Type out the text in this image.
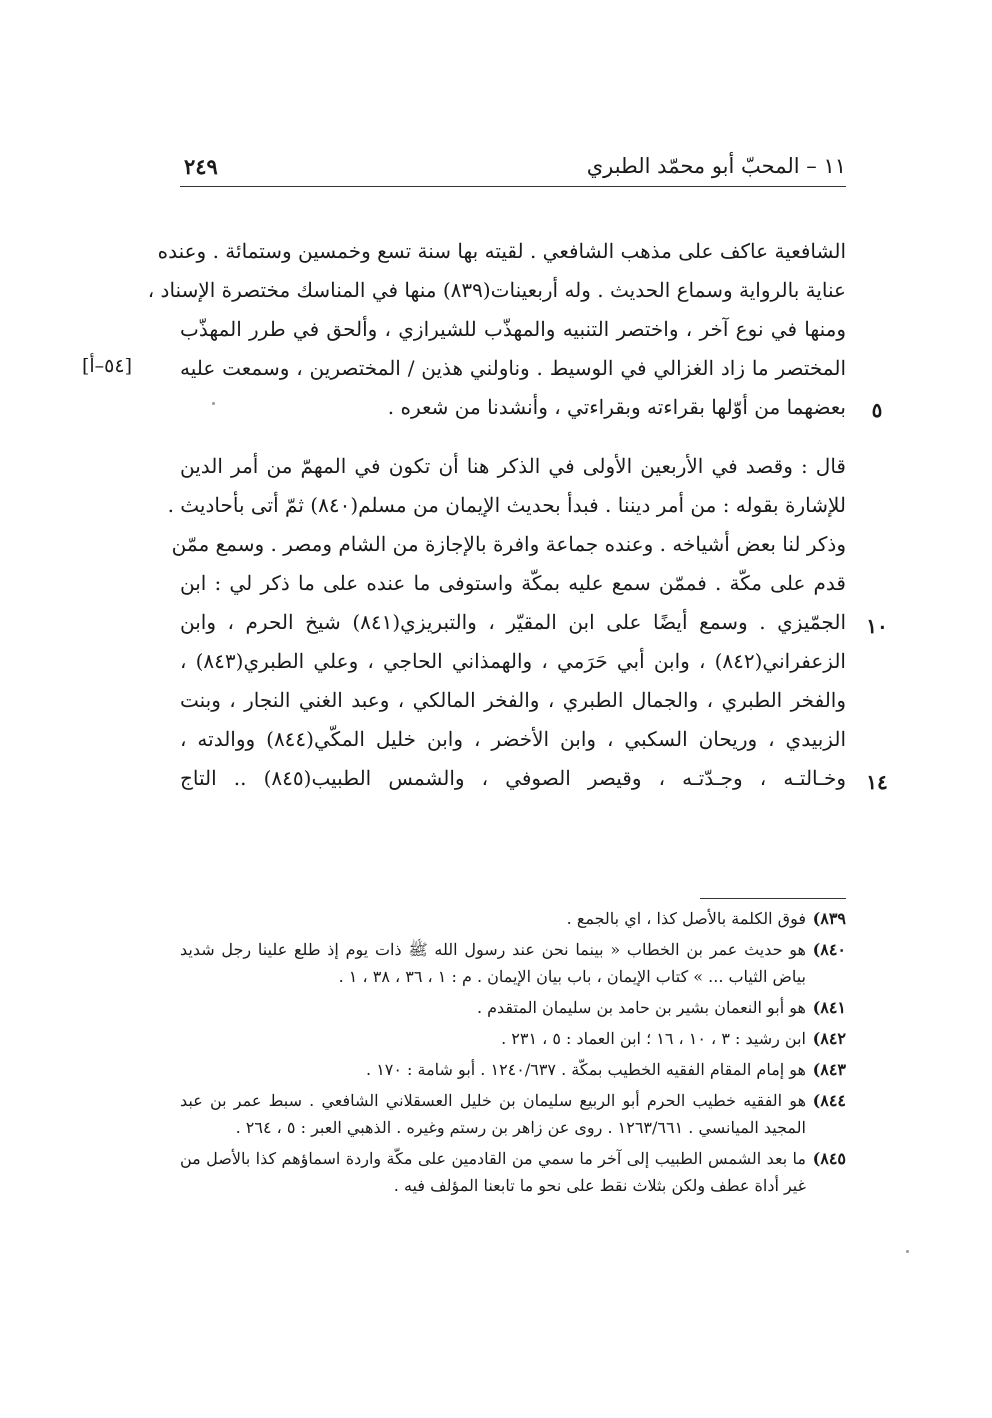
١١ – المحبّ أبو محمّد الطبري
٢٤٩
[٥٤–أ]
الشافعية عاكف على مذهب الشافعي . لقيته بها سنة تسع وخمسين وستمائة . وعنده
عناية بالرواية وسماع الحديث . وله أربعينات(٨٣٩) منها في المناسك مختصرة الإسناد ،
ومنها في نوع آخر ، واختصر التنبيه والمهذّب للشيرازي ، وألحق في طرر المهذّب
المختصر ما زاد الغزالي في الوسيط . وناولني هذين / المختصرين ، وسمعت عليه
بعضهما من أوّلها بقراءته وبقراءتي ، وأنشدنا من شعره .
قال : وقصد في الأربعين الأولى في الذكر هنا أن تكون في المهمّ من أمر الدين
للإشارة بقوله : من أمر ديننا . فبدأ بحديث الإيمان من مسلم(٨٤٠) ثمّ أتى بأحاديث .
وذكر لنا بعض أشياخه . وعنده جماعة وافرة بالإجازة من الشام ومصر . وسمع ممّن
قدم على مكّة . فممّن سمع عليه بمكّة واستوفى ما عنده على ما ذكر لي : ابن
الجمّيزي . وسمع أيضًا على ابن المقيّر ، والتبريزي(٨٤١) شيخ الحرم ، وابن
الزعفراني(٨٤٢) ، وابن أبي حَرَمي ، والهمذاني الحاجي ، وعلي الطبري(٨٤٣) ،
والفخر الطبري ، والجمال الطبري ، والفخر المالكي ، وعبد الغني النجار ، وبنت
الزبيدي ، وريحان السكبي ، وابن الأخضر ، وابن خليل المكّي(٨٤٤) ووالدته ،
وخـالتـه ، وجـدّتـه ، وقيصر الصوفي ، والشمس الطبيب(٨٤٥) .. التاج
٥
١٠
١٤
٨٣٩)
فوق الكلمة بالأصل كذا ، اي بالجمع .
٨٤٠)
هو حديث عمر بن الخطاب « بينما نحن عند رسول الله ﷺ ذات يوم إذ طلع علينا رجل شديد بياض الثياب ... » كتاب الإيمان ، باب بيان الإيمان . م : ١ ، ٣٦ ، ٣٨ ، ١ .
٨٤١)
هو أبو النعمان بشير بن حامد بن سليمان المتقدم .
٨٤٢)
ابن رشيد : ٣ ، ١٠ ، ١٦ ؛ ابن العماد : ٥ ، ٢٣١ .
٨٤٣)
هو إمام المقام الفقيه الخطيب بمكّة . ١٢٤٠/٦٣٧ . أبو شامة : ١٧٠ .
٨٤٤)
هو الفقيه خطيب الحرم أبو الربيع سليمان بن خليل العسقلاني الشافعي . سبط عمر بن عبد المجيد الميانسي . ١٢٦٣/٦٦١ . روى عن زاهر بن رستم وغيره . الذهبي العبر : ٥ ، ٢٦٤ .
٨٤٥)
ما بعد الشمس الطبيب إلى آخر ما سمي من القادمين على مكّة واردة اسماؤهم كذا بالأصل من غير أداة عطف ولكن بثلاث نقط على نحو ما تابعنا المؤلف فيه .
